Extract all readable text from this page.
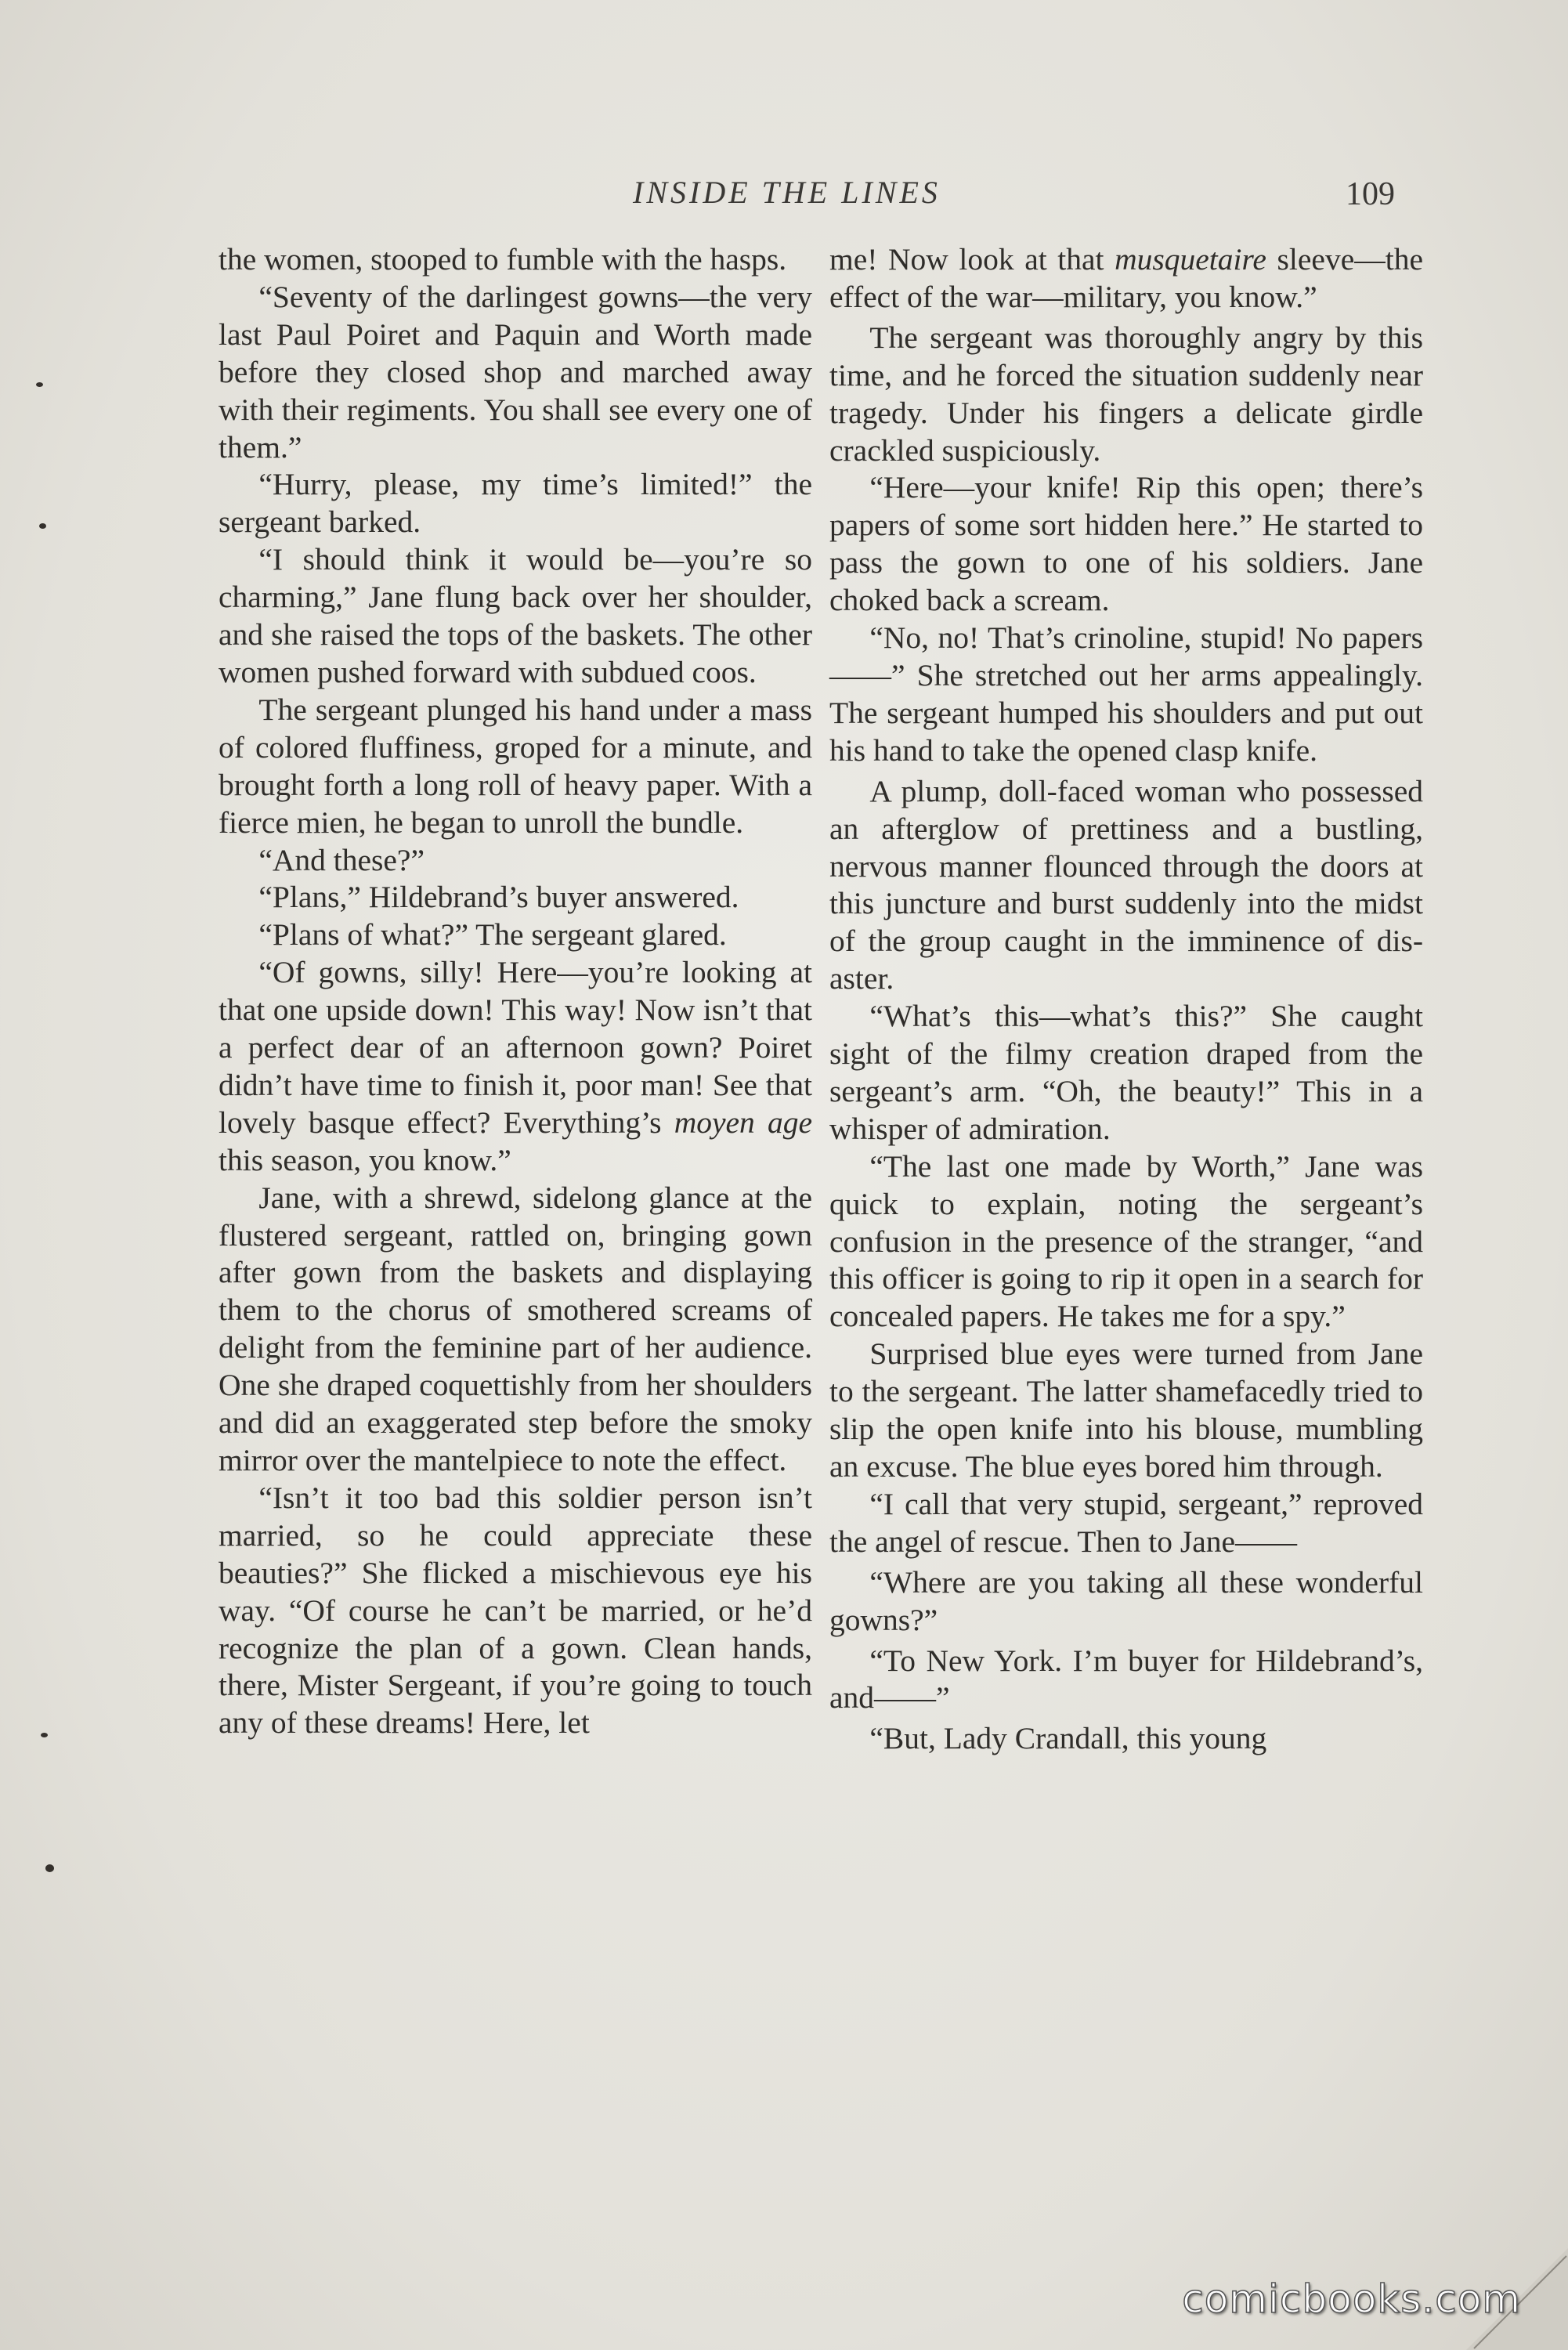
INSIDE THE LINES	109

the women, stooped to fumble with the hasps.

“Seventy of the darlingest gowns—the very last Paul Poiret and Paquin and Worth made before they closed shop and marched away with their regiments. You shall see every one of them.”

“Hurry, please, my time’s limited!” the sergeant barked.

“I should think it would be—you’re so charming,” Jane flung back over her shoulder, and she raised the tops of the baskets. The other women pushed forward with subdued coos.

The sergeant plunged his hand under a mass of colored fluffiness, groped for a minute, and brought forth a long roll of heavy paper. With a fierce mien, he began to unroll the bundle.

“And these?”

“Plans,” Hildebrand’s buyer answered.

“Plans of what?” The sergeant glared.

“Of gowns, silly! Here—you’re looking at that one upside down! This way! Now isn’t that a perfect dear of an afternoon gown? Poiret didn’t have time to finish it, poor man! See that lovely basque effect? Everything’s moyen age this season, you know.”

Jane, with a shrewd, sidelong glance at the flustered sergeant, rattled on, bringing gown after gown from the baskets and displaying them to the chorus of smothered screams of delight from the feminine part of her audience. One she draped coquettishly from her shoulders and did an exaggerated step before the smoky mirror over the mantelpiece to note the effect.

“Isn’t it too bad this soldier person isn’t married, so he could appreciate these beauties?” She flicked a mischievous eye his way. “Of course he can’t be married, or he’d recognize the plan of a gown. Clean hands, there, Mister Sergeant, if you’re going to touch any of these dreams! Here, let

me! Now look at that musquetaire sleeve—the effect of the war—military, you know.”

The sergeant was thoroughly angry by this time, and he forced the situation suddenly near tragedy. Under his fingers a delicate girdle crackled suspiciously.

“Here—your knife! Rip this open; there’s papers of some sort hidden here.” He started to pass the gown to one of his soldiers. Jane choked back a scream.

“No, no! That’s crinoline, stupid! No papers——” She stretched out her arms appealingly. The sergeant humped his shoulders and put out his hand to take the opened clasp knife.

A plump, doll-faced woman who possessed an afterglow of prettiness and a bustling, nervous manner flounced through the doors at this juncture and burst suddenly into the midst of the group caught in the imminence of disaster.

“What’s this—what’s this?” She caught sight of the filmy creation draped from the sergeant’s arm. “Oh, the beauty!” This in a whisper of admiration.

“The last one made by Worth,” Jane was quick to explain, noting the sergeant’s confusion in the presence of the stranger, “and this officer is going to rip it open in a search for concealed papers. He takes me for a spy.”

Surprised blue eyes were turned from Jane to the sergeant. The latter shamefacedly tried to slip the open knife into his blouse, mumbling an excuse. The blue eyes bored him through.

“I call that very stupid, sergeant,” reproved the angel of rescue. Then to Jane——

“Where are you taking all these wonderful gowns?”

“To New York. I’m buyer for Hildebrand’s, and——”

“But, Lady Crandall, this young

comicbooks.com
